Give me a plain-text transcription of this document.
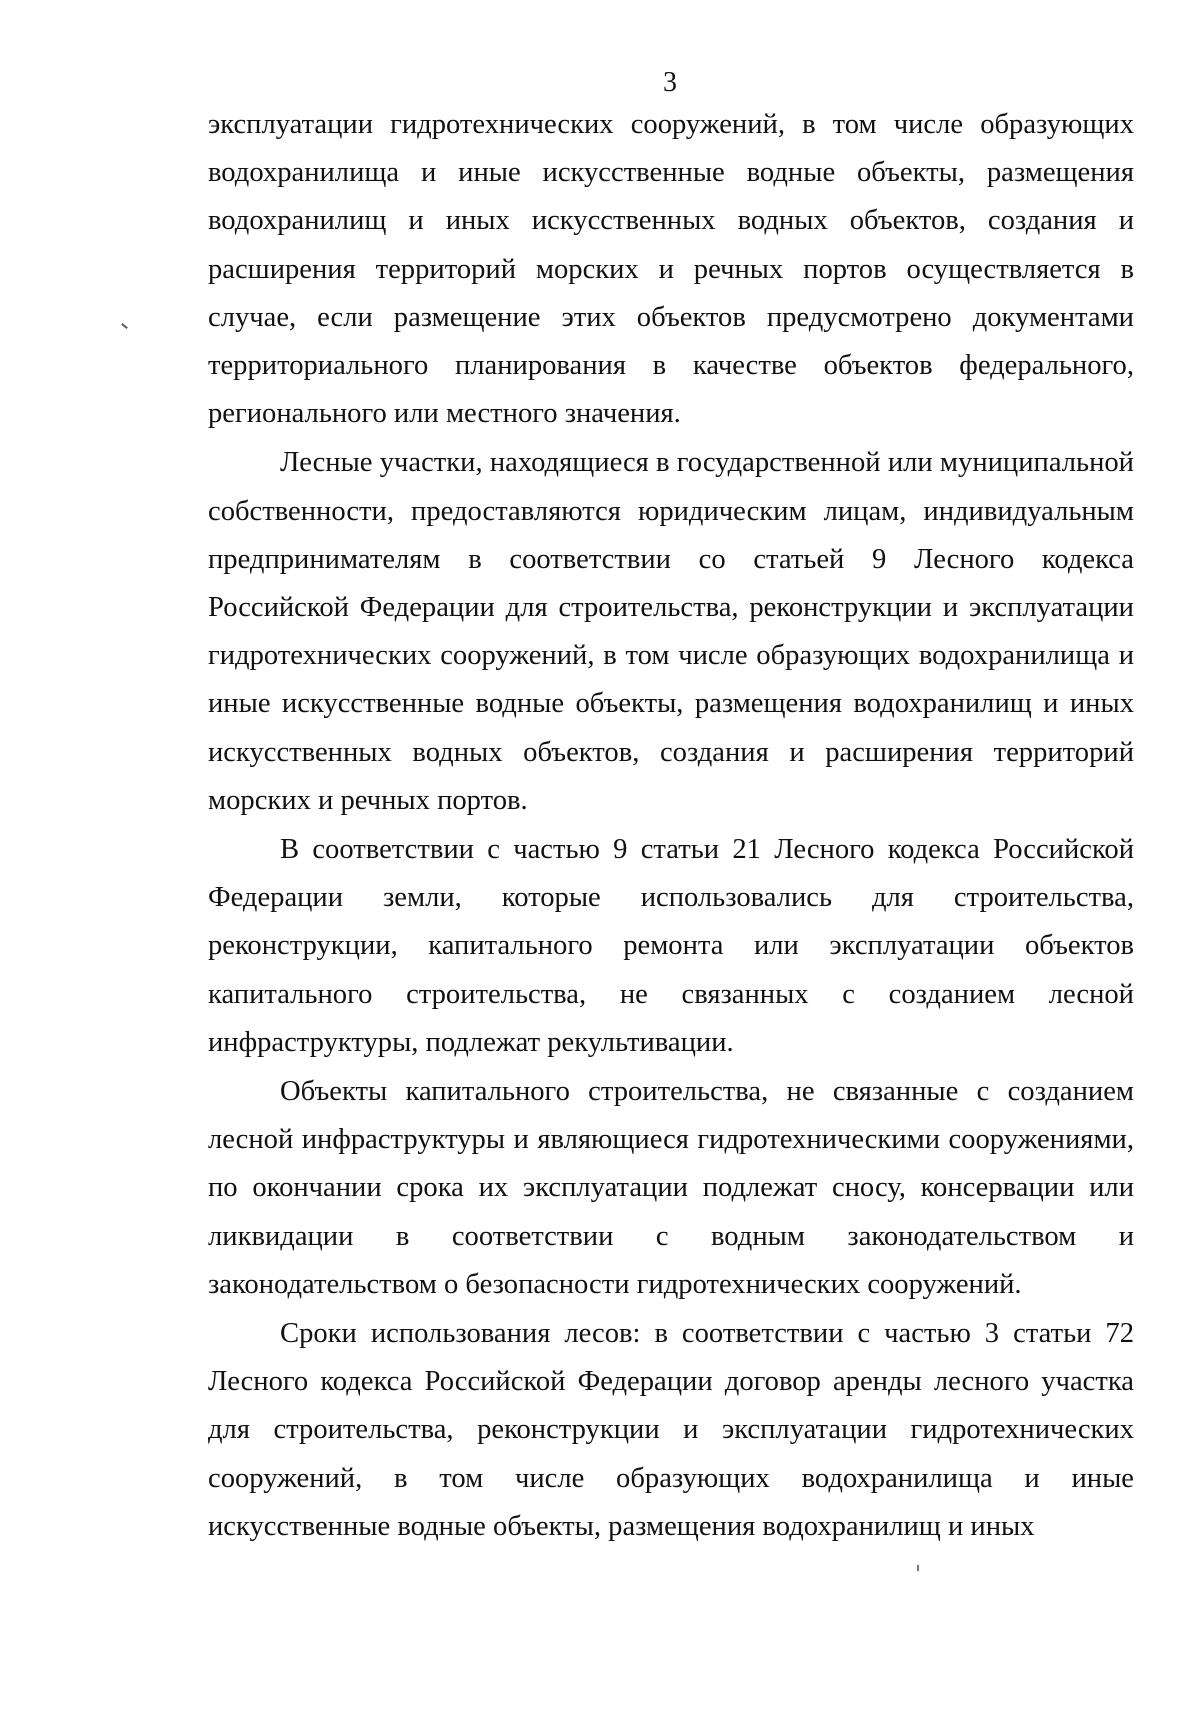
3

эксплуатации гидротехнических сооружений, в том числе образующих водохранилища и иные искусственные водные объекты, размещения водохранилищ и иных искусственных водных объектов, создания и расширения территорий морских и речных портов осуществляется в случае, если размещение этих объектов предусмотрено документами территориального планирования в качестве объектов федерального, регионального или местного значения.

Лесные участки, находящиеся в государственной или муниципальной собственности, предоставляются юридическим лицам, индивидуальным предпринимателям в соответствии со статьей 9 Лесного кодекса Российской Федерации для строительства, реконструкции и эксплуатации гидротехнических сооружений, в том числе образующих водохранилища и иные искусственные водные объекты, размещения водохранилищ и иных искусственных водных объектов, создания и расширения территорий морских и речных портов.

В соответствии с частью 9 статьи 21 Лесного кодекса Российской Федерации земли, которые использовались для строительства, реконструкции, капитального ремонта или эксплуатации объектов капитального строительства, не связанных с созданием лесной инфраструктуры, подлежат рекультивации.

Объекты капитального строительства, не связанные с созданием лесной инфраструктуры и являющиеся гидротехническими сооружениями, по окончании срока их эксплуатации подлежат сносу, консервации или ликвидации в соответствии с водным законодательством и законодательством о безопасности гидротехнических сооружений.

Сроки использования лесов: в соответствии с частью 3 статьи 72 Лесного кодекса Российской Федерации договор аренды лесного участка для строительства, реконструкции и эксплуатации гидротехнических сооружений, в том числе образующих водохранилища и иные искусственные водные объекты, размещения водохранилищ и иных
